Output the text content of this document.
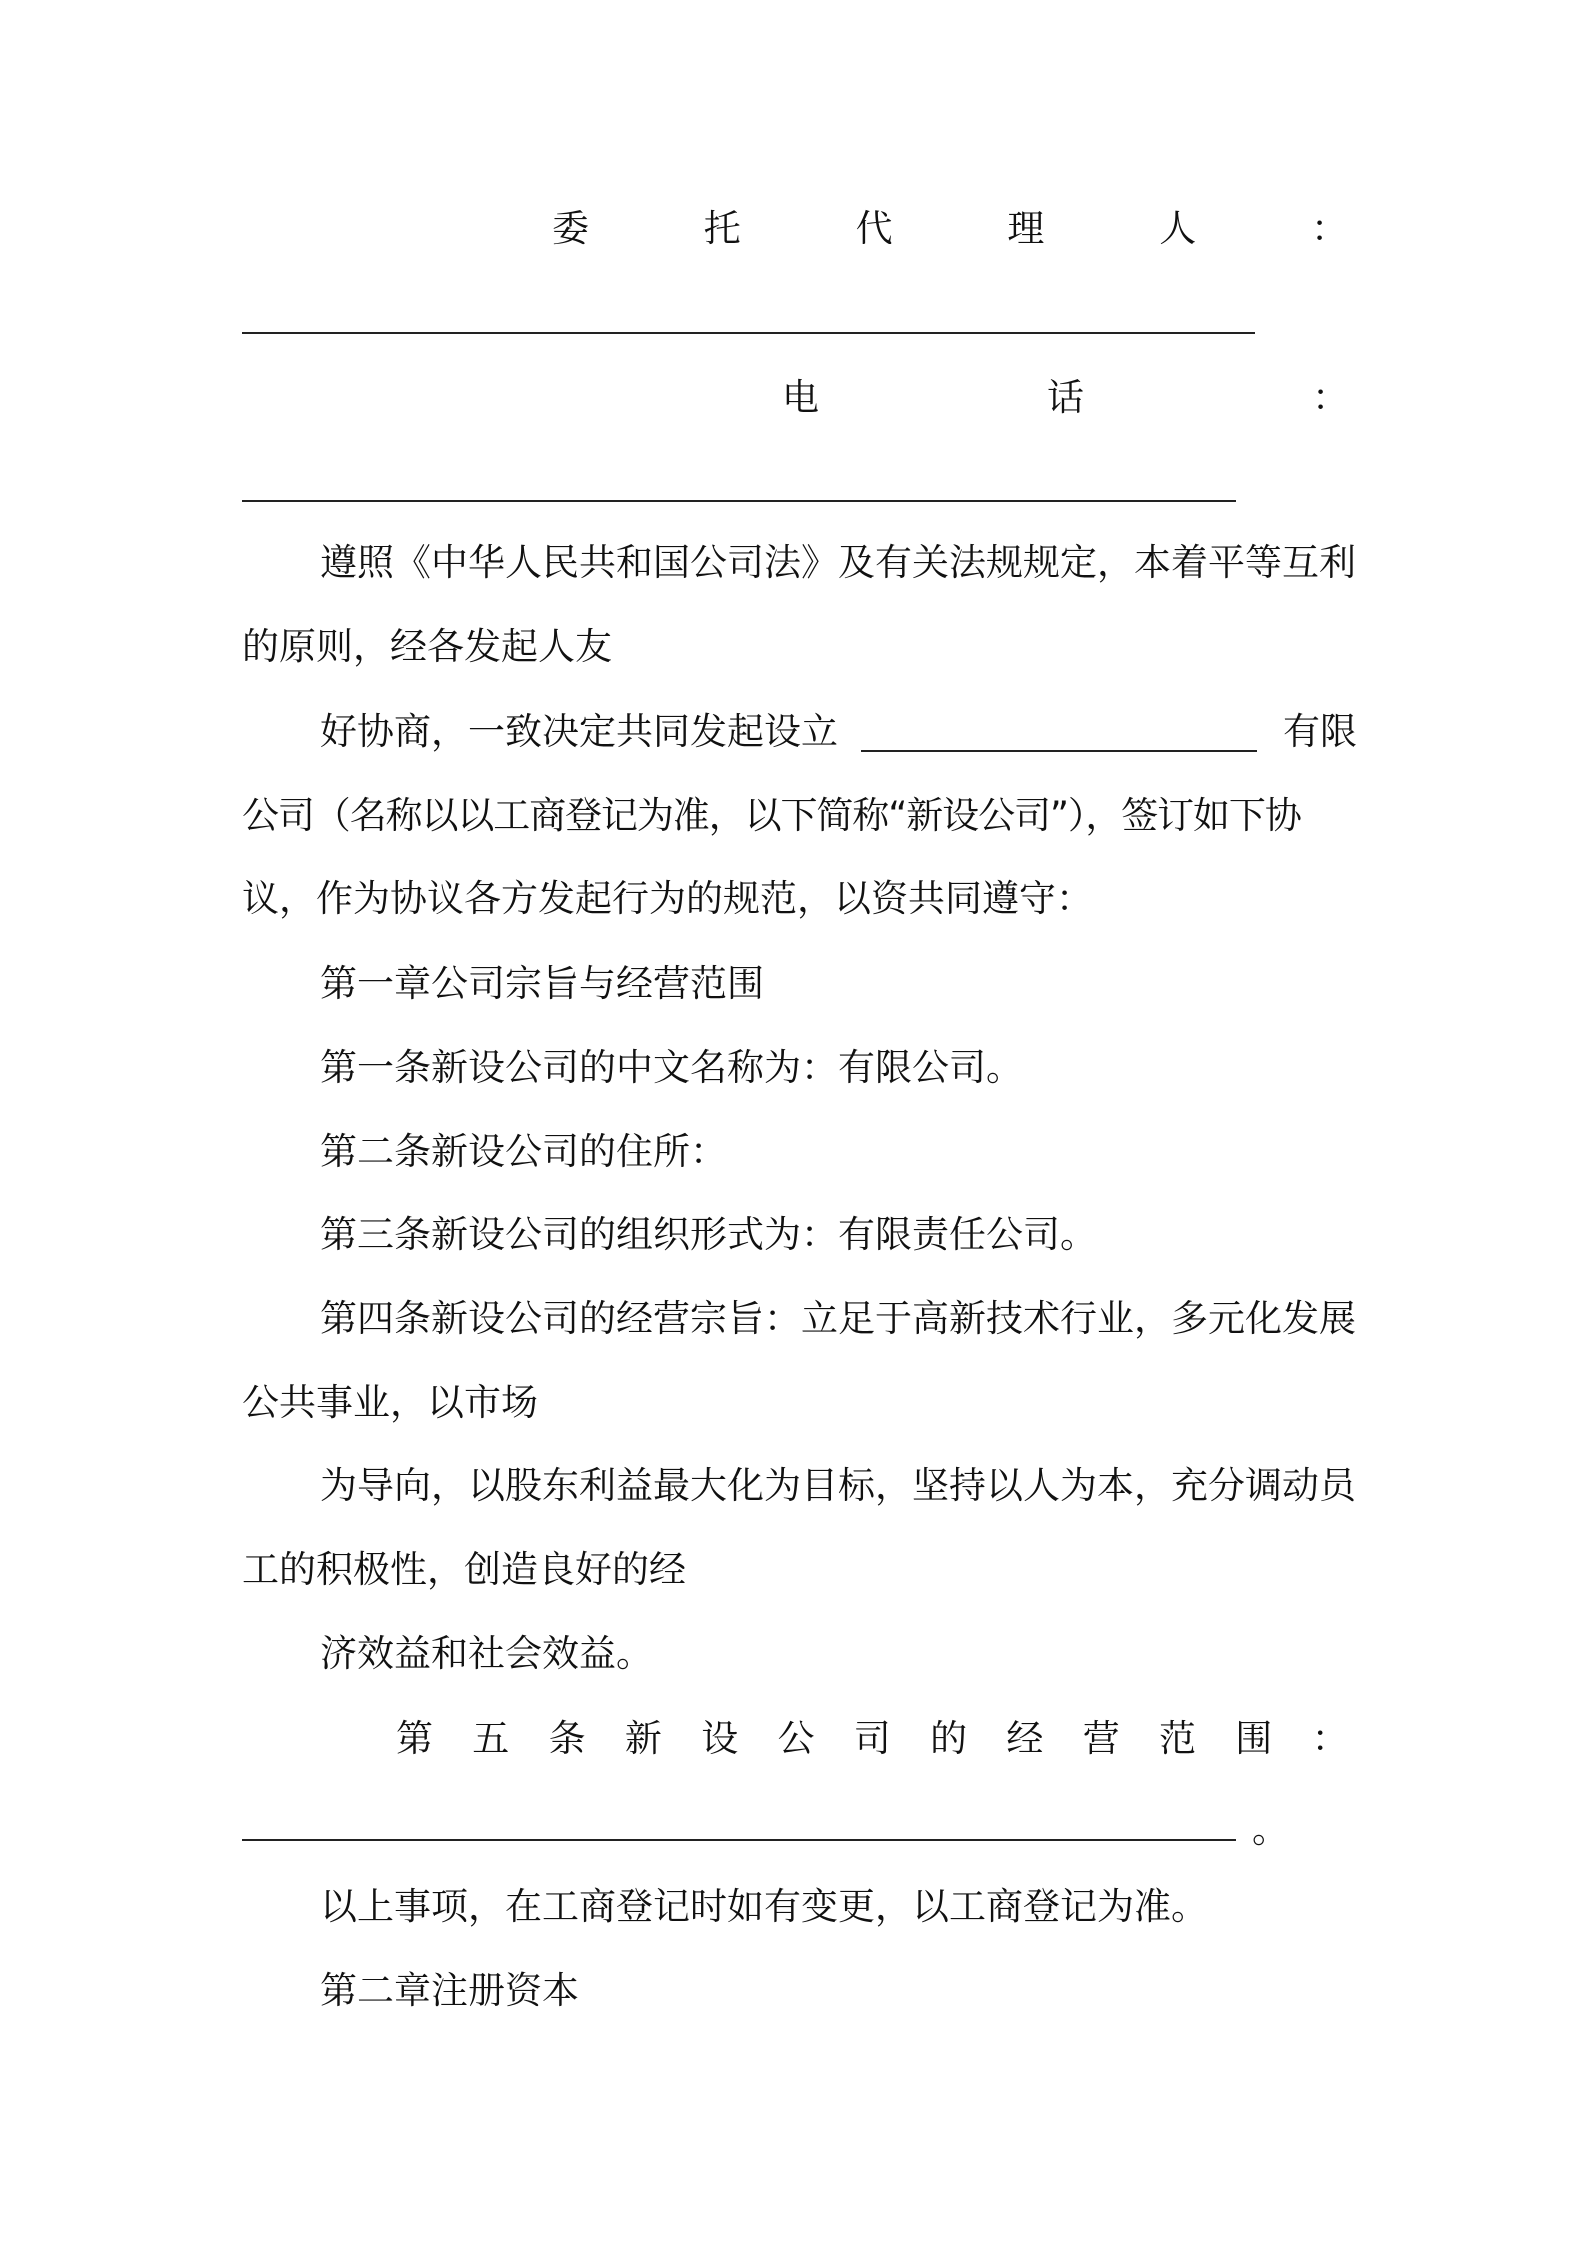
委托代理人：
电话：
遵照《中华人民共和国公司法》及有关法规规定，本着平等互利
的原则，经各发起人友
好协商，一致决定共同发起设立	有限
公司（名称以以工商登记为准，以下简称“新设公司”），签订如下协
议，作为协议各方发起行为的规范，以资共同遵守：
第一章公司宗旨与经营范围
第一条新设公司的中文名称为：有限公司。
第二条新设公司的住所：
第三条新设公司的组织形式为：有限责任公司。
第四条新设公司的经营宗旨：立足于高新技术行业，多元化发展
公共事业，以市场
为导向，以股东利益最大化为目标，坚持以人为本，充分调动员
工的积极性，创造良好的经
济效益和社会效益。
第五条新设公司的经营范围：
。
以上事项，在工商登记时如有变更，以工商登记为准。
第二章注册资本
